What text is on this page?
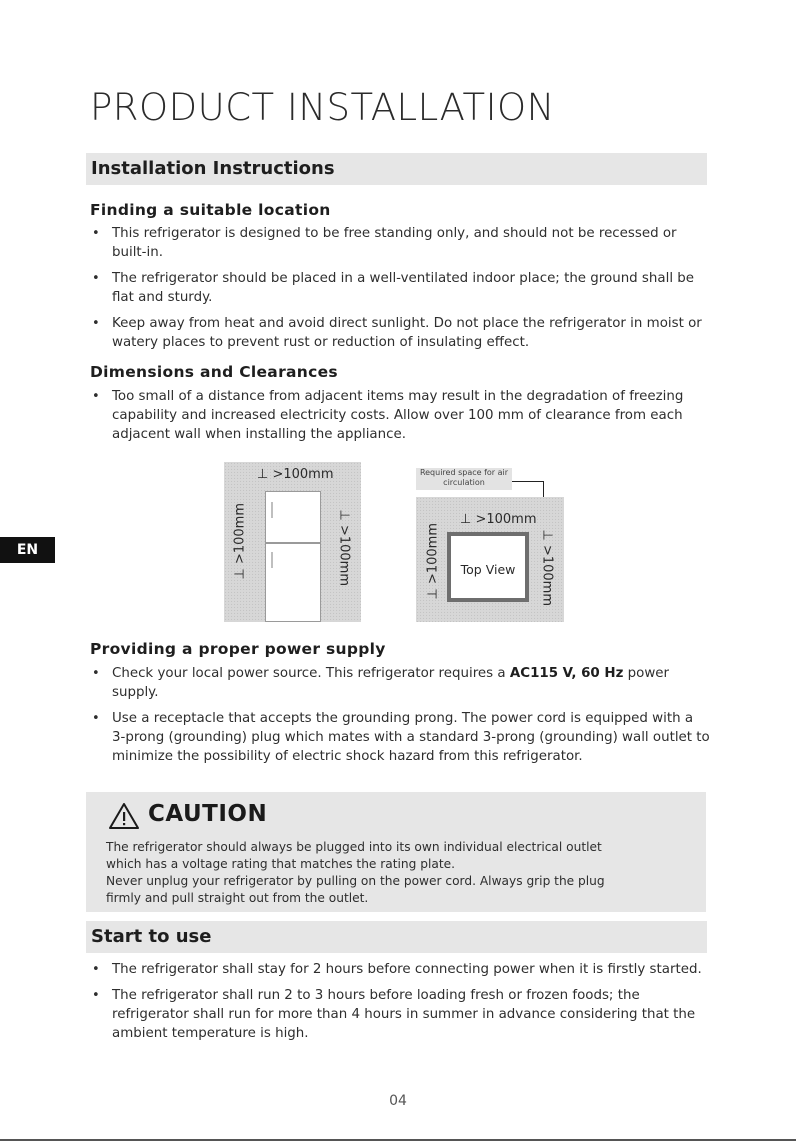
PRODUCT INSTALLATION
Installation Instructions
Finding a suitable location
• This refrigerator is designed to be free standing only, and should not be recessed or built-in.
• The refrigerator should be placed in a well-ventilated indoor place; the ground shall be flat and sturdy.
• Keep away from heat and avoid direct sunlight. Do not place the refrigerator in moist or watery places to prevent rust or reduction of insulating effect.
Dimensions and Clearances
• Too small of a distance from adjacent items may result in the degradation of freezing capability and increased electricity costs. Allow over 100 mm of clearance from each adjacent wall when installing the appliance.
⊥ >100mm
⊥ >100mm	⊥ >100mm
Required space for air circulation
Top View
⊥ >100mm
⊥ >100mm	⊥ >100mm
EN
Providing a proper power supply
• Check your local power source. This refrigerator requires a AC115 V, 60 Hz power supply.
• Use a receptacle that accepts the grounding prong. The power cord is equipped with a 3-prong (grounding) plug which mates with a standard 3-prong (grounding) wall outlet to minimize the possibility of electric shock hazard from this refrigerator.
CAUTION
The refrigerator should always be plugged into its own individual electrical outlet
which has a voltage rating that matches the rating plate.
Never unplug your refrigerator by pulling on the power cord. Always grip the plug
firmly and pull straight out from the outlet.
Start to use
• The refrigerator shall stay for 2 hours before connecting power when it is firstly started.
• The refrigerator shall run 2 to 3 hours before loading fresh or frozen foods; the refrigerator shall run for more than 4 hours in summer in advance considering that the ambient temperature is high.
04
